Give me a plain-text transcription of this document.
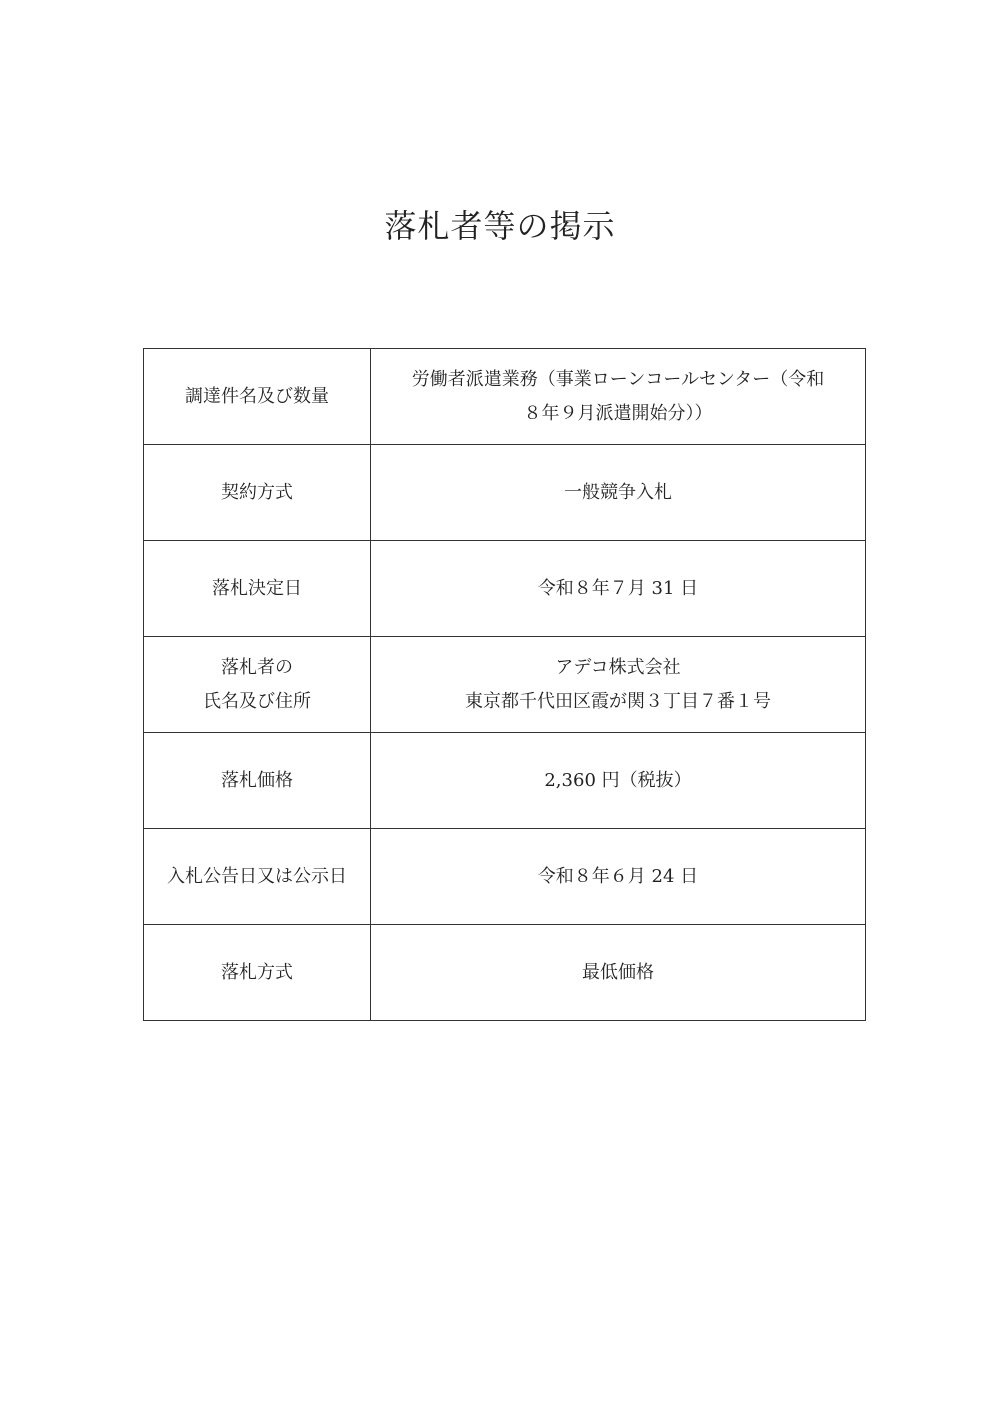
落札者等の掲示
調達件名及び数量	労働者派遣業務（事業ローンコールセンター（令和
８年９月派遣開始分））

契約方式	一般競争入札

落札決定日	令和８年７月 31 日

落札者の
氏名及び住所	アデコ株式会社
東京都千代田区霞が関３丁目７番１号

落札価格	2,360 円（税抜）

入札公告日又は公示日	令和８年６月 24 日

落札方式	最低価格
